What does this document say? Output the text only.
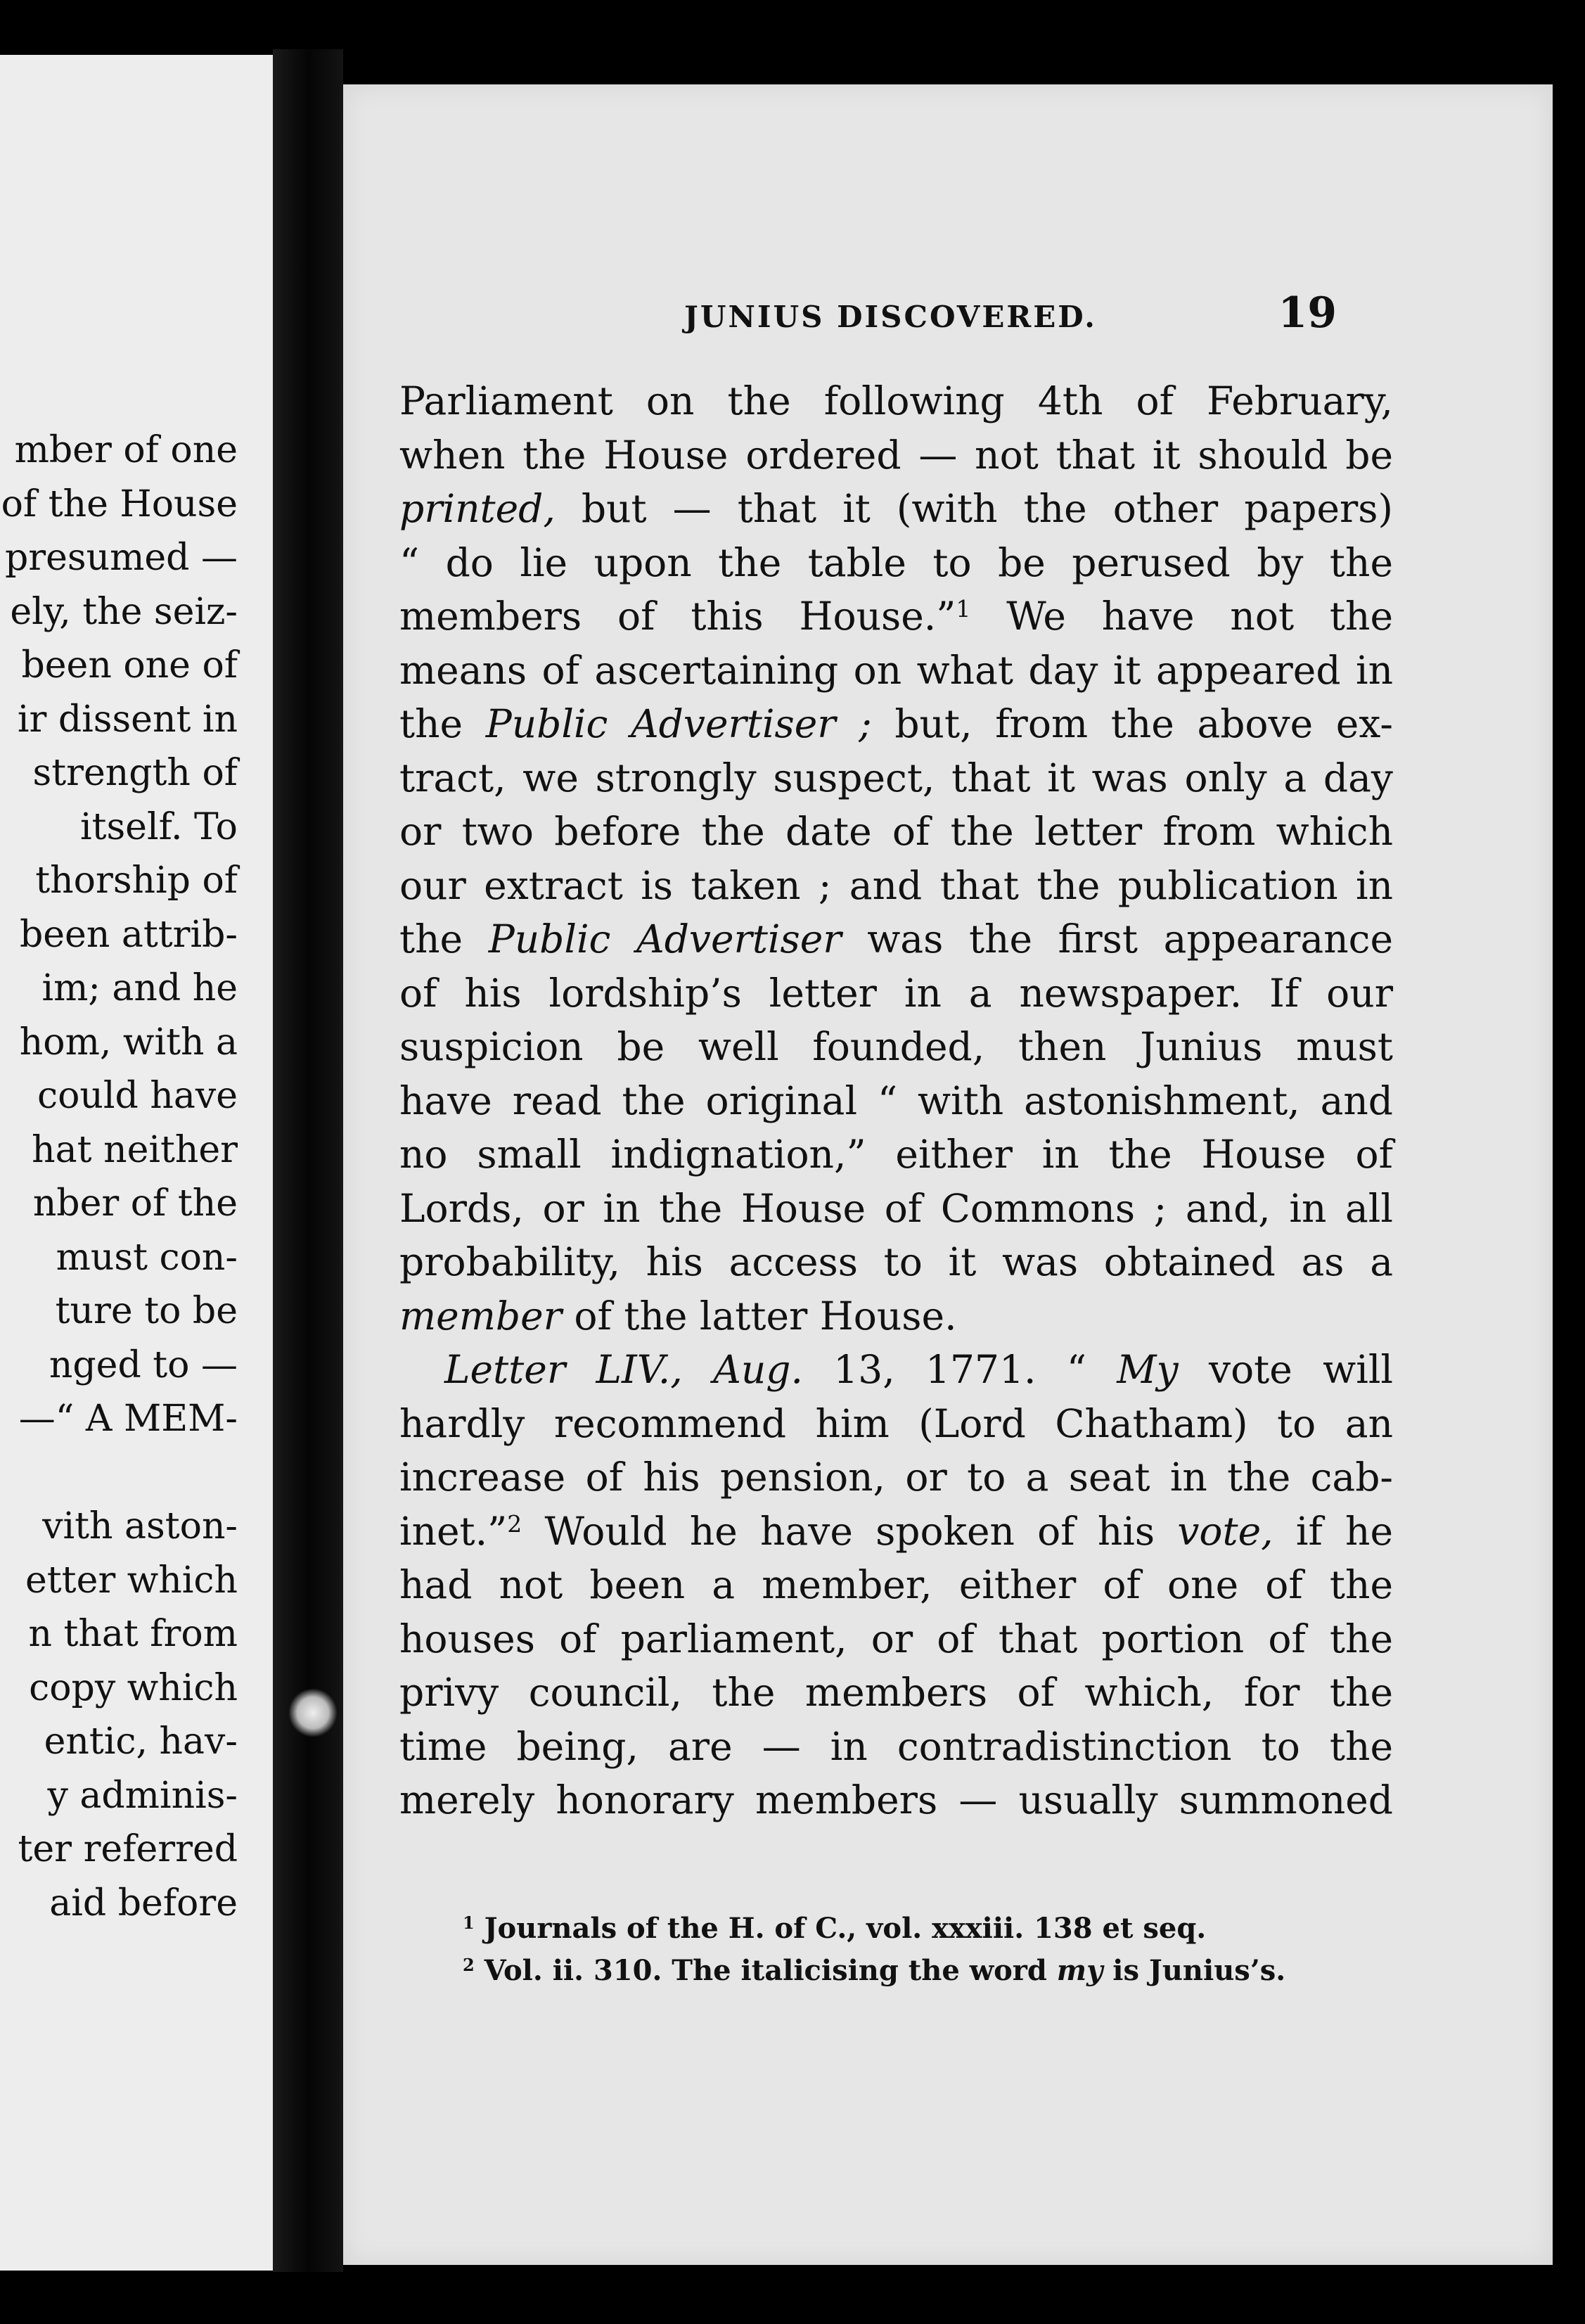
mber of one
of the House
presumed —
ely, the seiz-
been one of
ir dissent in
strength of
itself. To
thorship of
been attrib-
im; and he
hom, with a
could have
hat neither
nber of the
must con-
ture to be
nged to —
—“ A MEM-
vith aston-
etter which
n that from
copy which
entic, hav-
y adminis-
ter referred
aid before
JUNIUS DISCOVERED.	19
Parliament on the following 4th of February,
when the House ordered — not that it should be
printed, but — that it (with the other papers)
“ do lie upon the table to be perused by the
members of this House.”$^1$ We have not the
means of ascertaining on what day it appeared in
the Public Advertiser ; but, from the above ex-
tract, we strongly suspect, that it was only a day
or two before the date of the letter from which
our extract is taken ; and that the publication in
the Public Advertiser was the first appearance
of his lordship’s letter in a newspaper. If our
suspicion be well founded, then Junius must
have read the original “ with astonishment, and
no small indignation,” either in the House of
Lords, or in the House of Commons ; and, in all
probability, his access to it was obtained as a
member of the latter House.
Letter LIV., Aug. 13, 1771. “ My vote will
hardly recommend him (Lord Chatham) to an
increase of his pension, or to a seat in the cab-
inet.”$^2$ Would he have spoken of his vote, if he
had not been a member, either of one of the
houses of parliament, or of that portion of the
privy council, the members of which, for the
time being, are — in contradistinction to the
merely honorary members — usually summoned
$^1$ Journals of the H. of C., vol. xxxiii. 138 et seq.
$^2$ Vol. ii. 310. The italicising the word my is Junius’s.
